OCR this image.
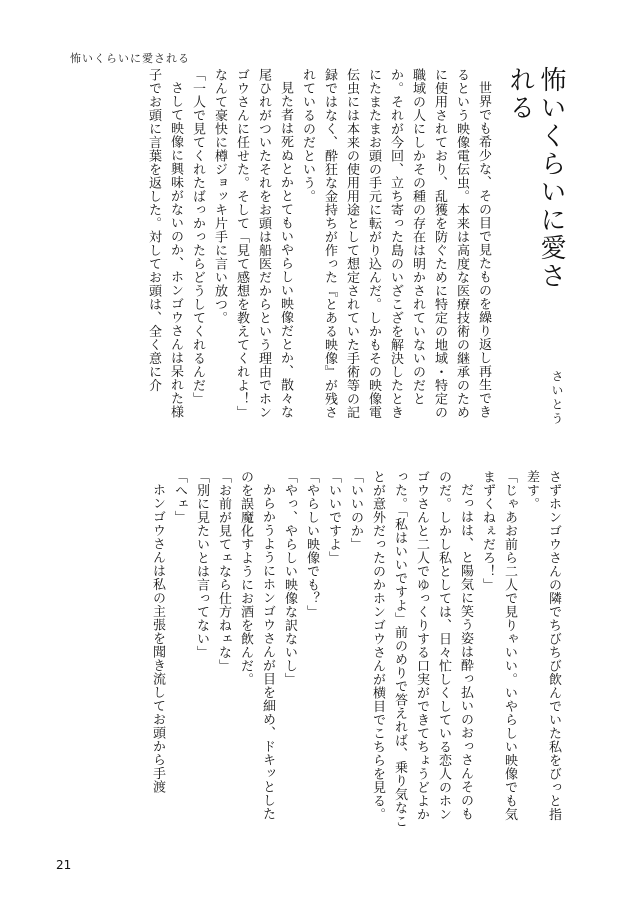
怖いくらいに愛される
怖いくらいに愛される
さいとう

世界でも希少な、その目で見たものを繰り返し再生できるという映像電伝虫。本来は高度な医療技術の継承のために使用されており、乱獲を防ぐために特定の地域・特定の職域の人にしかその種の存在は明かされていないのだとか。それが今回、立ち寄った島のいざこざを解決したときにたまたまお頭の手元に転がり込んだ。しかもその映像電伝虫には本来の使用用途として想定されていた手術等の記録ではなく、酔狂な金持ちが作った『とある映像』が残されているのだという。

見た者は死ぬとかとてもいやらしい映像だとか、散々な尾ひれがついたそれをお頭は船医だからという理由でホンゴウさんに任せた。そして「見て感想を教えてくれよ！」なんて豪快に樽ジョッキ片手に言い放つ。

「一人で見てくれたばっかったらどうしてくれるんだ」

さして映像に興味がないのか、ホンゴウさんは呆れた様子でお頭に言葉を返した。対してお頭は、全く意に介

さずホンゴウさんの隣でちびちび飲んでいた私をびっと指差す。

「じゃあお前ら二人で見りゃいい。いやらしい映像でも気まずくねぇだろ！」

だっはは、と陽気に笑う姿は酔っ払いのおっさんそのものだ。しかし私としては、日々忙しくしている恋人のホンゴウさんと二人でゆっくりする口実ができてちょうどよかった。「私はいいですよ」前のめりで答えれば、乗り気なことが意外だったのかホンゴウさんが横目でこちらを見る。

「いいのか」

「いいですよ」

「やらしい映像でも？」

「やっ、やらしい映像な訳ないし」

からかうようにホンゴウさんが目を細め、ドキッとしたのを誤魔化すようにお酒を飲んだ。

「お前が見てェなら仕方ねェな」

「別に見たいとは言ってない」

「へェ」

ホンゴウさんは私の主張を聞き流してお頭から手渡

21
